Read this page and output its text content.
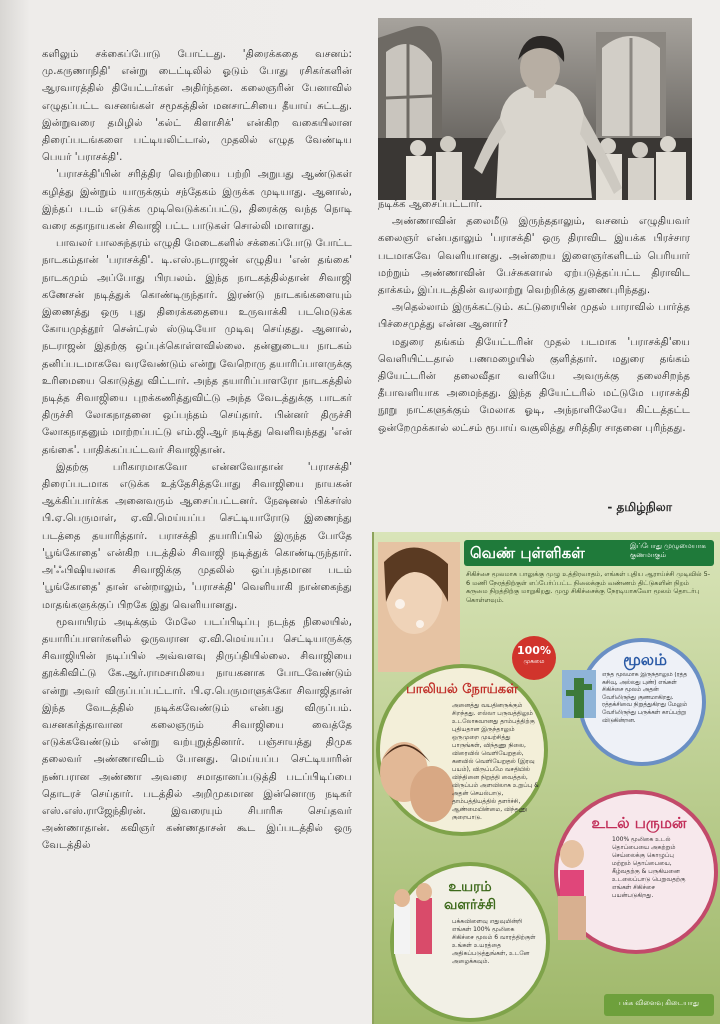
களிலும் சக்கைப்போடு போட்டது. 'திரைக்கதை வசனம்: மு.கருணாநிதி' என்று டைட்டிலில் ஓடும் போது ரசிகர்களின் ஆரவாரத்தில் தியேட்டர்கள் அதிர்ந்தன. கலைஞரின் பேனாவில் எழுதப்பட்ட வசனங்கள் சமூகத்தின் மனசாட்சியை தீயாய் சுட்டது. இன்றுவரை தமிழில் 'கல்ட் கிளாசிக்' என்கிற வகையிலான திரைப்படங்களை பட்டியலிட்டால், முதலில் எழுத வேண்டிய பெயர் 'பராசக்தி'.

'பராசக்தி'யின் சரித்திர வெற்றியை பற்றி அறுபது ஆண்டுகள் கழித்து இன்றும் யாருக்கும் சந்தேகம் இருக்க முடியாது. ஆனால், இந்தப் படம் எடுக்க முடிவெடுக்கப்பட்டு, திரைக்கு வந்த நொடி வரை கதாநாயகன் சிவாஜி பட்ட பாடுகள் சொல்லி மாளாது.

பாவலர் பாலசுந்தரம் எழுதி மேடைகளில் சக்கைப்போடு போட்ட நாடகம்தான் 'பராசக்தி'. டி.எஸ்.நடராஜன் எழுதிய 'என் தங்கை' நாடகமும் அப்போது பிரபலம். இந்த நாடகத்தில்தான் சிவாஜி கணேசன் நடித்துக் கொண்டிருந்தார். இரண்டு நாடகங்களையும் இணைத்து ஒரு புது திரைக்கதையை உருவாக்கி படமெடுக்க கோயமுத்தூர் சென்ட்ரல் ஸ்டுடியோ முடிவு செய்தது. ஆனால், நடராஜன் இதற்கு ஒப்புக்கொள்ளவில்லை. தன்னுடைய நாடகம் தனிப்படமாகவே வரவேண்டும் என்று வேறொரு தயாரிப்பாளருக்கு உரிமையை கொடுத்து விட்டார். அந்த தயாரிப்பாளரோ நாடகத்தில் நடித்த சிவாஜியை புறக்கணித்துவிட்டு அந்த வேடத்துக்கு பாடகர் திருச்சி லோகநாதனை ஒப்பந்தம் செய்தார். பின்னர் திருச்சி லோகநாதனும் மாற்றப்பட்டு எம்.ஜி.ஆர் நடித்து வெளிவந்தது 'என் தங்கை'. பாதிக்கப்பட்டவர் சிவாஜிதான்.

இதற்கு பரிகாரமாகவோ என்னவோதான் 'பராசக்தி' திரைப்படமாக எடுக்க உத்தேசித்தபோது சிவாஜியை நாயகன் ஆக்கிப்பார்க்க அனைவரும் ஆசைப்பட்டனர். நேஷனல் பிக்சர்ஸ் பி.ஏ.பெருமாள், ஏ.வி.மெய்யப்ப செட்டியாரோடு இணைந்து படத்தை தயாரித்தார். பராசக்தி தயாரிப்பில் இருந்த போதே 'பூங்கோதை' என்கிற படத்தில் சிவாஜி நடித்துக் கொண்டிருந்தார். அ'ஃபிஷியலாக சிவாஜிக்கு முதலில் ஒப்பந்தமான படம் 'பூங்கோதை' தான் என்றாலும், 'பராசக்தி' வெளியாகி நான்கைந்து மாதங்களுக்குப் பிறகே இது வெளியானது.

மூவாயிரம் அடிக்கும் மேலே படப்பிடிப்பு நடந்த நிலையில், தயாரிப்பாளர்களில் ஒருவரான ஏ.வி.மெய்யப்ப செட்டியாருக்கு சிவாஜியின் நடிப்பில் அவ்வளவு திருப்தியில்லை. சிவாஜியை தூக்கிவிட்டு கே.ஆர்.ராமசாமியை நாயகனாக போடவேண்டும் என்று அவர் விருப்பப்பட்டார். பி.ஏ.பெருமாளுக்கோ சிவாஜிதான் இந்த வேடத்தில் நடிக்கவேண்டும் என்பது விருப்பம். வசனகர்த்தாவான கலைஞரும் சிவாஜியை வைத்தே எடுக்கவேண்டும் என்று வற்புறுத்தினார். பஞ்சாயத்து திமுக தலைவர் அண்ணாவிடம் போனது. மெய்யப்ப செட்டியாரின் நண்பரான அண்ணா அவரை சமாதானப்படுத்தி படப்பிடிப்பை தொடரச் செய்தார். படத்தில் அறிமுகமான இன்னொரு நடிகர் எஸ்.எஸ்.ராஜேந்திரன். இவரையும் சிபாரிசு செய்தவர் அண்ணாதான். கவிஞர் கண்ணதாசன் கூட இப்படத்தில் ஒரு வேடத்தில்

நடிக்க ஆசைப்பட்டார்.

அண்ணாவின் தலைமீடு இருந்ததாலும், வசனம் எழுதியவர் கலைஞர் என்பதாலும் 'பராசக்தி' ஒரு திராவிட இயக்க பிரச்சார படமாகவே வெளியானது. அன்றைய இளைஞர்களிடம் பெரியார் மற்றும் அண்ணாவின் பேச்சுகளால் ஏற்படுத்தப்பட்ட திராவிட தாக்கம், இப்படத்தின் வரலாற்று வெற்றிக்கு துணைபுரிந்தது.

அதெல்லாம் இருக்கட்டும். கட்டுரையின் முதல் பாராவில் பார்த்த பிச்சைமுத்து என்ன ஆனார்?

மதுரை தங்கம் தியேட்டரின் முதல் படமாக 'பராசக்தி'யை வெளியிட்டதால் பணமழையில் குளித்தார். மதுரை தங்கம் தியேட்டரின் தலைவீதா வளியே அவருக்கு தலைசிறந்த தீபாவளியாக அமைந்தது. இந்த தியேட்டரில் மட்டுமே பராசக்தி நூறு நாட்களுக்கும் மேலாக ஓடி, அந்நாளிலேயே கிட்டத்தட்ட ஒன்றேமுக்கால் லட்சம் ரூபாய் வசூலித்து சரித்திர சாதனை புரிந்தது.

- தமிழ்நிலா
வெண் புள்ளிகள்	இப்போது முழுமையாக குணமாகும்
சிகிச்சை மூலமாக பாலுக்கு முழு உத்திரவாதம், எங்கள் புதிய ஆராய்ச்சி முடிவில் 5-6 மணி நேரத்திற்குள் எப்பேர்ப்பட்ட நிலைக்கும் வண்ணம் திட்டுகளின் நிறம் கருமை நிறத்திற்கு மாறுகிறது. முழு சிகிச்சைக்கு நேரடியாகவோ மூலம் தொடர்பு கொள்ளவும்.
100%
முகமை
பாலியல் நோய்கள்
அனைத்து வயதினருக்கும் சிறந்தது. எல்லா பருவத்திலும் உடலோகவானது தாம்பத்திற்கு புதியதான இருந்தாலும் ஒருமுறை முயற்சித்து பாருங்கள், விந்தணு நிலை, விரைவில் வெளியேறுதல், கனவில் வெளியேறுதல் (இரவு பயம்), விருப்பமே வசதியில் விந்தினை நிறுத்தி வைத்தல், விருப்பம் அளவிலாக உறுப்பு & அதன் செயல்பாடு, தாம்பத்தியத்தில் தளர்ச்சி, ஆண்மையின்மை, விந்தணு குறைபாடு.
மூலம்
எந்த மூலமாக இருந்தாலும் (ரத்த கசிவு, அல்லது புண்) எங்கள் சிகிச்சை மூலம் அதன் வேரிலிருந்து குணமாகிறது. ரத்தக்சிவை நிறுத்துகிறது மேலும் வேரிலிருந்து பருக்கள் காப்பற்று விடுகின்றன.
உடல் பருமன்
100% மூலிகை உடல் தொப்பையை அகற்றும் செய்லைக்கு கொழுப்பு மற்றும் தொப்பையை, கீழ்வதற்கு & பருகியனை உடலைப்பாடு பெறுவதற்கு எங்கள் சிகிச்சை பயன்படுகிறது.
உயரம் வளர்ச்சி
பக்கவிளைவு எதுவுமின்றி எங்கள் 100% மூலிகை சிகிச்சை மூலம் 6 வாரத்திற்குள் உங்கள் உயரத்தை அதிகப்படுத்துங்கள், உடனே அழைக்கவும்.
பக்க விளைவு கிடையாது
